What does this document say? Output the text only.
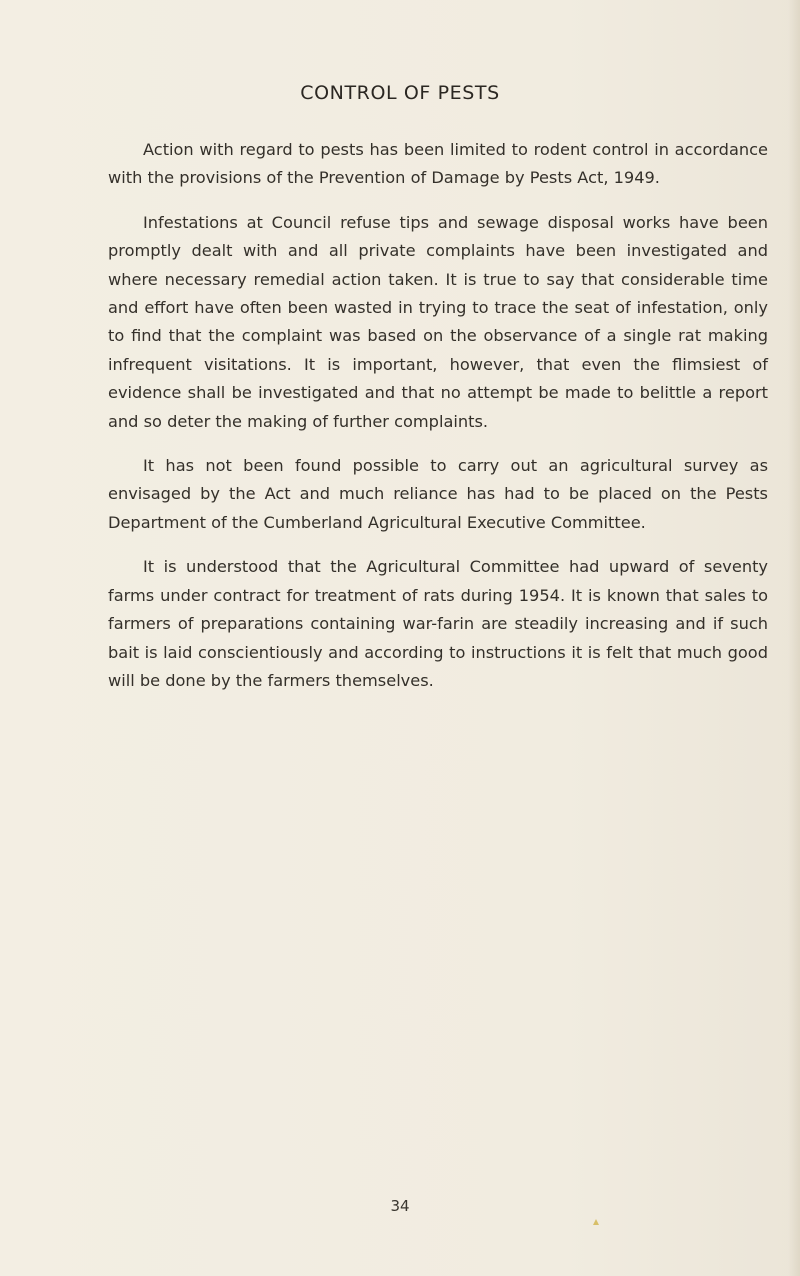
CONTROL OF PESTS

Action with regard to pests has been limited to rodent control in accordance with the provisions of the Prevention of Damage by Pests Act, 1949.

Infestations at Council refuse tips and sewage disposal works have been promptly dealt with and all private complaints have been investigated and where necessary remedial action taken. It is true to say that considerable time and effort have often been wasted in trying to trace the seat of infestation, only to find that the complaint was based on the observance of a single rat making infrequent visitations. It is important, however, that even the flimsiest of evidence shall be investigated and that no attempt be made to belittle a report and so deter the making of further complaints.

It has not been found possible to carry out an agricultural survey as envisaged by the Act and much reliance has had to be placed on the Pests Department of the Cumberland Agricultural Executive Committee.

It is understood that the Agricultural Committee had upward of seventy farms under contract for treatment of rats during 1954. It is known that sales to farmers of preparations containing war-farin are steadily increasing and if such bait is laid conscientiously and according to instructions it is felt that much good will be done by the farmers themselves.

34
